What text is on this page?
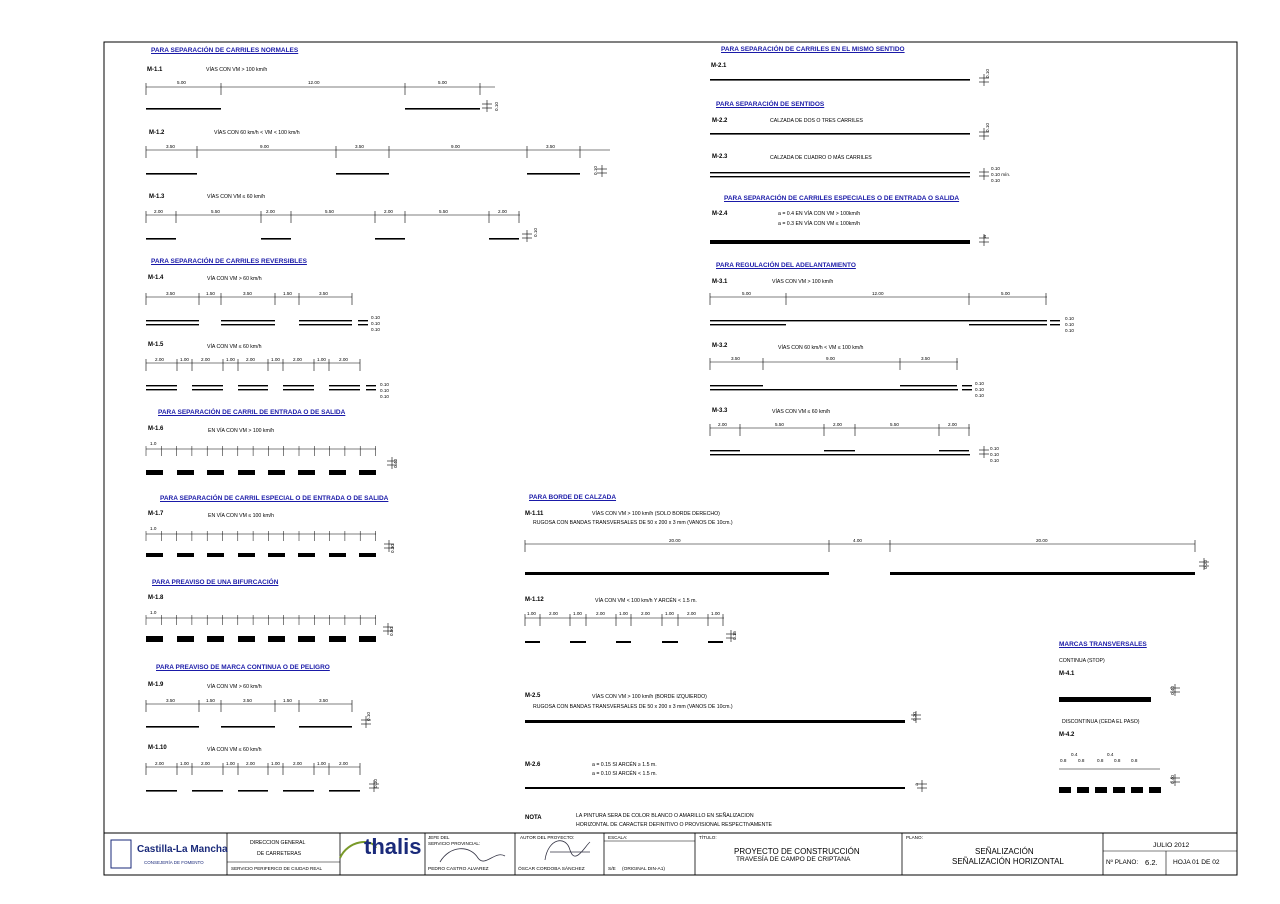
PARA SEPARACIÓN DE CARRILES NORMALES
M-1.1	VÍAS CON VM > 100 km/h
5.00	12.00	5.00
M-1.2	VÍAS CON 60 km/h < VM < 100 km/h
3.50	9.00	3.50	9.00	3.50
M-1.3	VÍAS CON VM ≤ 60 km/h
2.00	5.50	2.00	5.50	2.00	5.50	2.00
PARA SEPARACIÓN DE CARRILES REVERSIBLES
M-1.4	VÍA CON VM > 60 km/h
3.50	1.50	3.50	1.50	3.50
0.10
0.10
0.10
M-1.5	VÍA CON VM ≤ 60 km/h
2.00	1.00	2.00	1.00 2.00	1.00	2.00	1.00	2.00
0.10
0.10
0.10
PARA SEPARACIÓN DE CARRIL DE ENTRADA O DE SALIDA
M-1.6	EN VÍA CON VM > 100 km/h
1.0
PARA SEPARACIÓN DE CARRIL ESPECIAL O DE ENTRADA O DE SALIDA
M-1.7	EN VÍA CON VM ≤ 100 km/h
1.0
PARA PREAVISO DE UNA BIFURCACIÓN
M-1.8
1.0
PARA PREAVISO DE MARCA CONTINUA O DE PELIGRO
M-1.9	VÍA CON VM > 60 km/h
3.50	1.50	3.50	1.50	3.50
M-1.10	VÍA CON VM ≤ 60 km/h
2.00	1.00	2.00	1.00 2.00	1.00	2.00	1.00	2.00
PARA SEPARACIÓN DE CARRILES EN EL MISMO SENTIDO
M-2.1
PARA SEPARACIÓN DE SENTIDOS
M-2.2	CALZADA DE DOS O TRES CARRILES
M-2.3	CALZADA DE CUADRO O MÁS CARRILES
0.10
0.10 mín.
0.10
PARA SEPARACIÓN DE CARRILES ESPECIALES O DE ENTRADA O SALIDA
M-2.4	a = 0.4 EN VÍA CON VM > 100km/h
a = 0.3 EN VÍA CON VM ≤ 100km/h
PARA REGULACIÓN DEL ADELANTAMIENTO
M-3.1	VÍAS CON VM > 100 km/h
5.00	12.00	5.00
0.10
0.10
0.10
M-3.2	VÍAS CON 60 km/h < VM ≤ 100 km/h
3.50	9.00	3.50
0.10
0.10
0.10
M-3.3	VÍAS CON VM ≤ 60 km/h
2.00	5.50	2.00	5.50	2.00
0.10
0.10
0.10
PARA BORDE DE CALZADA
M-1.11	VÍAS CON VM > 100 km/h (SOLO BORDE DERECHO)
RUGOSA CON BANDAS TRANSVERSALES DE 50 x 200 x 3 mm (VANOS DE 10cm.)
20.00	4.00	20.00
M-1.12	VÍA CON VM < 100 km/h Y ARCÉN < 1.5 m.
1.00	2.00	1.00	2.00	1.00	2.00	1.00	2.00	1.00
M-2.5	VÍAS CON VM > 100 km/h (BORDE IZQUIERDO)
RUGOSA CON BANDAS TRANSVERSALES DE 50 x 200 x 3 mm (VANOS DE 10cm.)
M-2.6	a = 0.15 SI ARCÉN ≥ 1.5 m.
a = 0.10 SI ARCÉN < 1.5 m.
NOTA	LA PINTURA SERA DE COLOR BLANCO O AMARILLO EN SEÑALIZACION
HORIZONTAL DE CARACTER DEFINITIVO O PROVISIONAL RESPECTIVAMENTE
MARCAS TRANSVERSALES
CONTINUA (STOP)
M-4.1
DISCONTINUA (CEDA EL PASO)
M-4.2
0.8
0.4
0.8	0.8
0.4
0.8 0.8
0.10
0.10
0.10
0.40
0.30
0.50
0.10
0.10
0.10
0.10
a
0.20
0.15
0.20
a
0.40
0.40
Castilla-La Mancha
CONSEJERÍA DE FOMENTO
DIRECCION GENERAL
DE CARRETERAS
SERVICIO PERIFERICO DE CIUDAD REAL
thalis JEFE DEL
SERVICIO PROVINCIAL:
PEDRO CASTRO ALVAREZ
AUTOR DEL PROYECTO:
ÓSCAR CORDOBA SÁNCHEZ
ESCALA:
S/E (ORIGINAL DIN-A1)
TÍTULO:
PROYECTO DE CONSTRUCCIÓN
TRAVESÍA DE CAMPO DE CRIPTANA
PLANO:
SEÑALIZACIÓN
SEÑALIZACIÓN HORIZONTAL
JULIO 2012
Nº PLANO: 6.2. HOJA 01 DE 02
